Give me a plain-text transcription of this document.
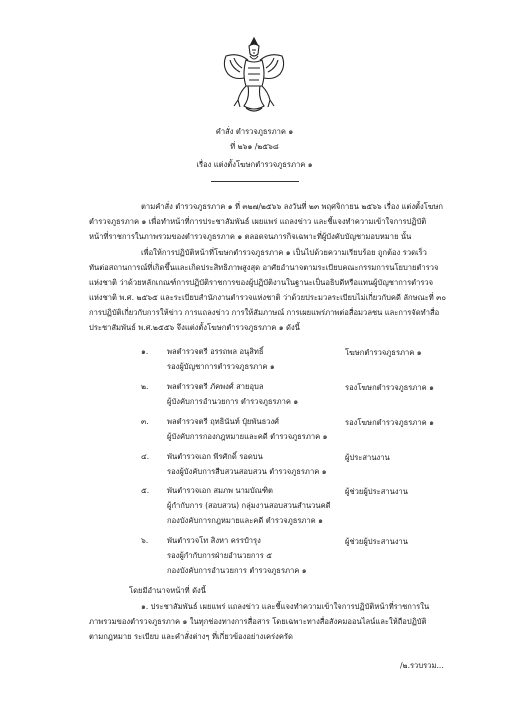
คำสั่ง ตำรวจภูธรภาค ๑
ที่ ๒๖๑ /๒๕๖๘
เรื่อง แต่งตั้งโฆษกตำรวจภูธรภาค ๑
ตามคำสั่ง ตำรวจภูธรภาค ๑ ที่ ๓๒๗/๒๕๖๖ ลงวันที่ ๒๓ พฤศจิกายน ๒๕๖๖ เรื่อง แต่งตั้งโฆษก
ตำรวจภูธรภาค ๑ เพื่อทำหน้าที่การประชาสัมพันธ์ เผยแพร่ แถลงข่าว และชี้แจงทำความเข้าใจการปฏิบัติ
หน้าที่ราชการในภาพรวมของตำรวจภูธรภาค ๑ ตลอดจนภารกิจเฉพาะที่ผู้บังคับบัญชามอบหมาย นั้น
เพื่อให้การปฏิบัติหน้าที่โฆษกตำรวจภูธรภาค ๑ เป็นไปด้วยความเรียบร้อย ถูกต้อง รวดเร็ว
ทันต่อสถานการณ์ที่เกิดขึ้นและเกิดประสิทธิภาพสูงสุด อาศัยอำนาจตามระเบียบคณะกรรมการนโยบายตำรวจ
แห่งชาติ ว่าด้วยหลักเกณฑ์การปฏิบัติราชการของผู้ปฏิบัติงานในฐานะเป็นอธิบดีหรือแทนผู้บัญชาการตำรวจ
แห่งชาติ พ.ศ. ๒๕๖๕ และระเบียบสำนักงานตำรวจแห่งชาติ ว่าด้วยประมวลระเบียบไม่เกี่ยวกับคดี ลักษณะที่ ๓๐
การปฏิบัติเกี่ยวกับการให้ข่าว การแถลงข่าว การให้สัมภาษณ์ การเผยแพร่ภาพต่อสื่อมวลชน และการจัดทำสื่อ
ประชาสัมพันธ์ พ.ศ.๒๕๕๖ จึงแต่งตั้งโฆษกตำรวจภูธรภาค ๑ ดังนี้
๑. พลตำรวจตรี อรรถพล อนุสิทธิ์	โฆษกตำรวจภูธรภาค ๑
รองผู้บัญชาการตำรวจภูธรภาค ๑
๒. พลตำรวจตรี ภัคพงศ์ สายอุบล	รองโฆษกตำรวจภูธรภาค ๑
ผู้บังคับการอำนวยการ ตำรวจภูธรภาค ๑
๓. พลตำรวจตรี ฤทธินันท์ ปุ๋ยพันธวงศ์	รองโฆษกตำรวจภูธรภาค ๑
ผู้บังคับการกองกฎหมายและคดี ตำรวจภูธรภาค ๑
๔. พันตำรวจเอก พีรศักดิ์ รอดบน	ผู้ประสานงาน
รองผู้บังคับการสืบสวนสอบสวน ตำรวจภูธรภาค ๑
๕. พันตำรวจเอก สมภพ นามบัณฑิต	ผู้ช่วยผู้ประสานงาน
ผู้กำกับการ (สอบสวน) กลุ่มงานสอบสวนสำนวนคดี
กองบังคับการกฎหมายและคดี ตำรวจภูธรภาค ๑
๖. พันตำรวจโท สิงหา ครรปำรุง	ผู้ช่วยผู้ประสานงาน
รองผู้กำกับการฝ่ายอำนวยการ ๕
กองบังคับการอำนวยการ ตำรวจภูธรภาค ๑
โดยมีอำนาจหน้าที่ ดังนี้
๑. ประชาสัมพันธ์ เผยแพร่ แถลงข่าว และชี้แจงทำความเข้าใจการปฏิบัติหน้าที่ราชการใน
ภาพรวมของตำรวจภูธรภาค ๑ ในทุกช่องทางการสื่อสาร โดยเฉพาะทางสื่อสังคมออนไลน์และให้ถือปฏิบัติ
ตามกฎหมาย ระเบียบ และคำสั่งต่างๆ ที่เกี่ยวข้องอย่างเคร่งครัด
/๒.รวบรวม...
